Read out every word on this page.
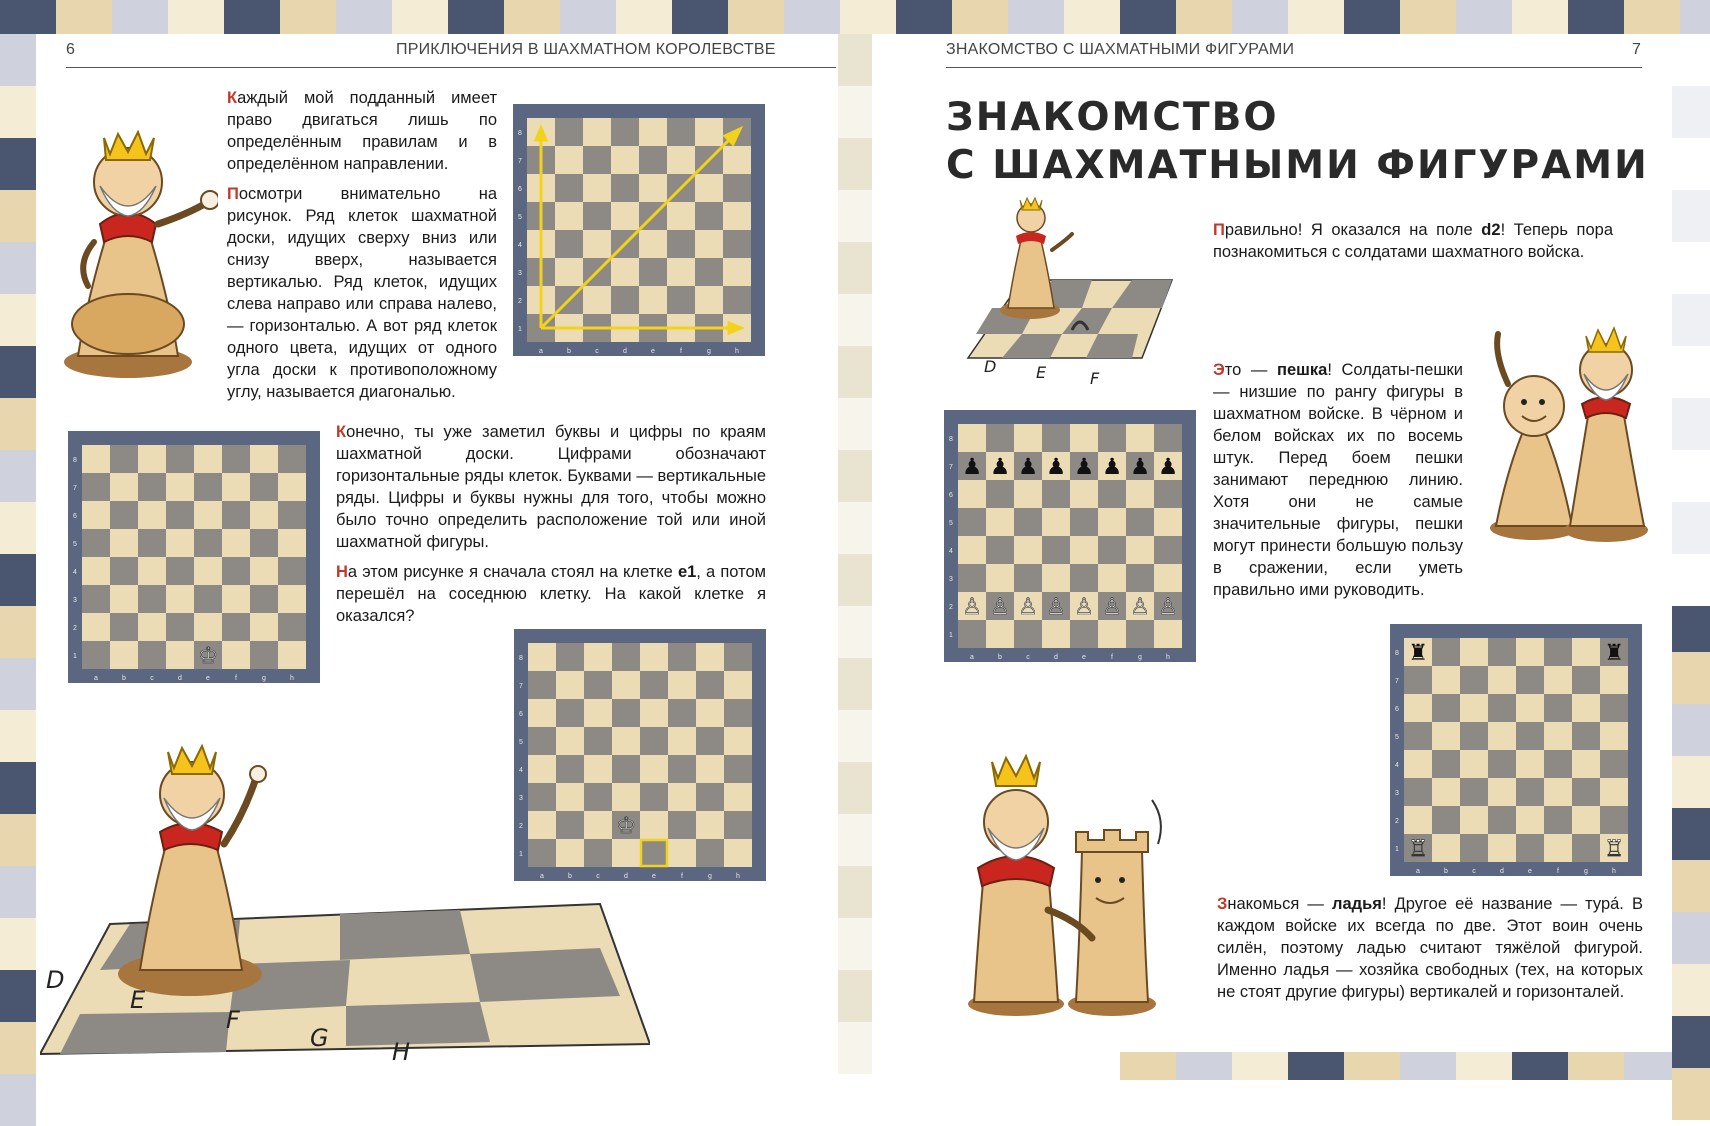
6	ПРИКЛЮЧЕНИЯ В ШАХМАТНОМ КОРОЛЕВСТВЕ	ЗНАКОМСТВО С ШАХМАТНЫМИ ФИГУРАМИ	7

Каждый мой подданный имеет право двигаться лишь по определённым правилам и в определённом направлении.

Посмотри внимательно на рисунок. Ряд клеток шахматной доски, идущих сверху вниз или снизу вверх, называется вертикалью. Ряд клеток, идущих слева направо или справа налево, — горизонталью. А вот ряд клеток одного цвета, идущих от одного угла доски к противоположному углу, называется диагональю.

Конечно, ты уже заметил буквы и цифры по краям шахматной доски. Цифрами обозначают горизонтальные ряды клеток. Буквами — вертикальные ряды. Цифры и буквы нужны для того, чтобы можно было точно определить расположение той или иной шахматной фигуры.

На этом рисунке я сначала стоял на клетке e1, а потом перешёл на соседнюю клетку. На какой клетке я оказался?

ЗНАКОМСТВО
С ШАХМАТНЫМИ ФИГУРАМИ

Правильно! Я оказался на поле d2! Теперь пора познакомиться с солдатами шахматного войска.

Это — пешка! Солдаты-пешки — низшие по рангу фигуры в шахматном войске. В чёрном и белом войсках их по восемь штук. Перед боем пешки занимают переднюю линию. Хотя они не самые значительные фигуры, пешки могут принести большую пользу в сражении, если уметь правильно ими руководить.

Знакомься — ладья! Другое её название — тура́. В каждом войске их всегда по две. Этот воин очень силён, поэтому ладью считают тяжёлой фигурой. Именно ладья — хозяйка свободных (тех, на которых не стоят другие фигуры) вертикалей и горизонталей.

a	b	c	d	e	f	g	h
8
7
6
5
4
3
2
1
a	b	c	d	e	f	g	h
8
7
6
5
4
3
2
1	♔
a	b	c	d	e	f	g	h
8
7
6
5
4
3
2
1
♔
a	b	c	d	e	f	g	h
8
7
6
5
4
3
2
1
♟
♙
♟
♙
♟
♙
♟
♙
♟
♙
♟
♙
♟
♙
♟
♙
a	b	c	d	e	f	g	h
8
7
6
5
4
3
2
1
♜	♜
♖	♖
D
E
F
G	H
D E	F
